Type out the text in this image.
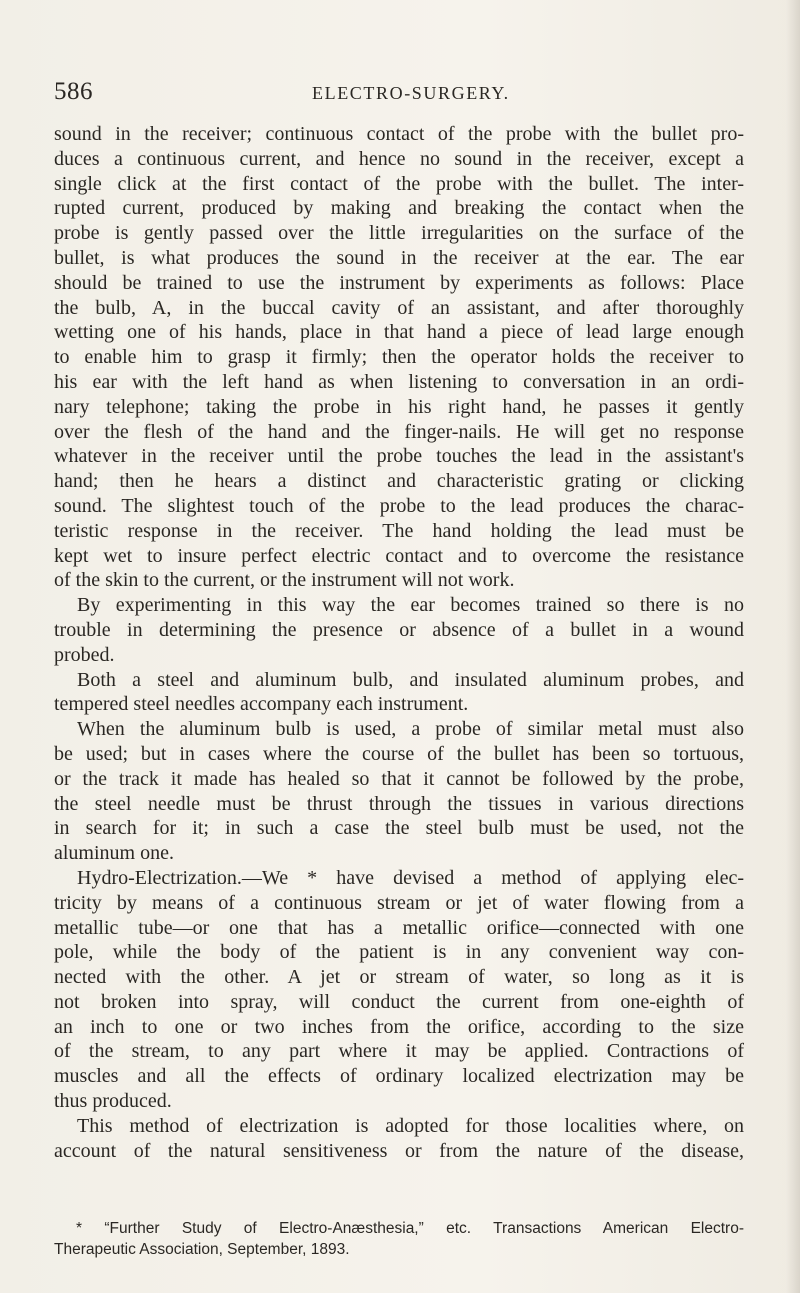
586	ELECTRO-SURGERY.
sound in the receiver; continuous contact of the probe with the bullet pro-
duces a continuous current, and hence no sound in the receiver, except a
single click at the first contact of the probe with the bullet. The inter-
rupted current, produced by making and breaking the contact when the
probe is gently passed over the little irregularities on the surface of the
bullet, is what produces the sound in the receiver at the ear. The ear
should be trained to use the instrument by experiments as follows: Place
the bulb, A, in the buccal cavity of an assistant, and after thoroughly
wetting one of his hands, place in that hand a piece of lead large enough
to enable him to grasp it firmly; then the operator holds the receiver to
his ear with the left hand as when listening to conversation in an ordi-
nary telephone; taking the probe in his right hand, he passes it gently
over the flesh of the hand and the finger-nails. He will get no response
whatever in the receiver until the probe touches the lead in the assistant's
hand; then he hears a distinct and characteristic grating or clicking
sound. The slightest touch of the probe to the lead produces the charac-
teristic response in the receiver. The hand holding the lead must be
kept wet to insure perfect electric contact and to overcome the resistance
of the skin to the current, or the instrument will not work.
By experimenting in this way the ear becomes trained so there is no
trouble in determining the presence or absence of a bullet in a wound
probed.
Both a steel and aluminum bulb, and insulated aluminum probes, and
tempered steel needles accompany each instrument.
When the aluminum bulb is used, a probe of similar metal must also
be used; but in cases where the course of the bullet has been so tortuous,
or the track it made has healed so that it cannot be followed by the probe,
the steel needle must be thrust through the tissues in various directions
in search for it; in such a case the steel bulb must be used, not the
aluminum one.
Hydro-Electrization.—We * have devised a method of applying elec-
tricity by means of a continuous stream or jet of water flowing from a
metallic tube—or one that has a metallic orifice—connected with one
pole, while the body of the patient is in any convenient way con-
nected with the other. A jet or stream of water, so long as it is
not broken into spray, will conduct the current from one-eighth of
an inch to one or two inches from the orifice, according to the size
of the stream, to any part where it may be applied. Contractions of
muscles and all the effects of ordinary localized electrization may be
thus produced.
This method of electrization is adopted for those localities where, on
account of the natural sensitiveness or from the nature of the disease,
* “Further Study of Electro-Anæsthesia,” etc. Transactions American Electro-
Therapeutic Association, September, 1893.
